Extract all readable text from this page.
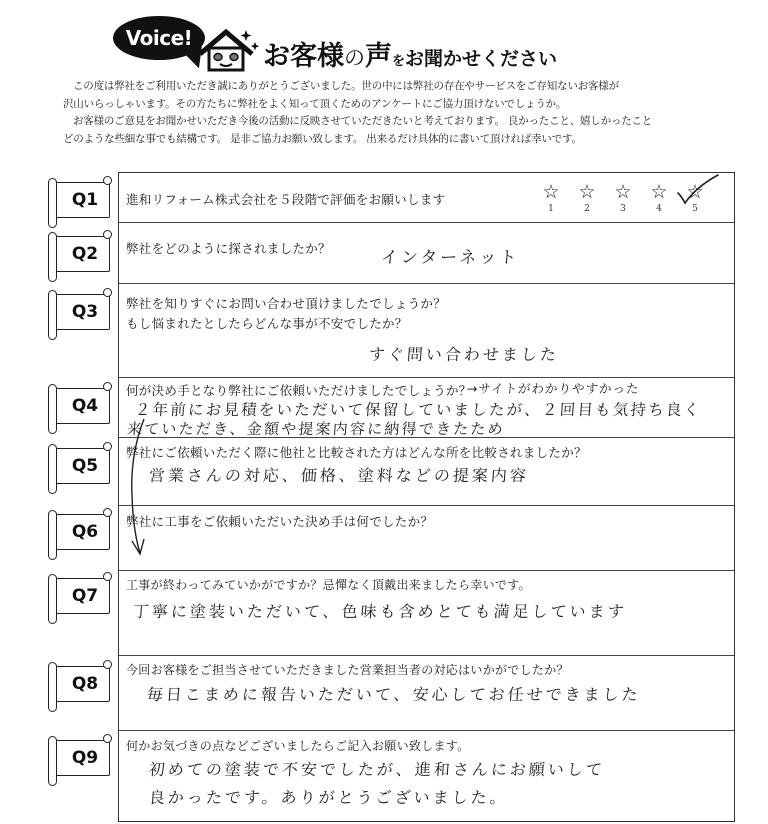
Voice!
お客様の声をお聞かせください

この度は弊社をご利用いただき誠にありがとうございました。世の中には弊社の存在やサービスをご存知ないお客様が

沢山いらっしゃいます。その方たちに弊社をよく知って頂くためのアンケートにご協力頂けないでしょうか。

お客様のご意見をお聞かせいただき今後の活動に反映させていただきたいと考えております。 良かったこと、嬉しかったこと

どのような些細な事でも結構です。 是非ご協力お願い致します。 出来るだけ具体的に書いて頂ければ幸いです。

Q1
Q2
Q3
Q4
Q5
Q6
Q7
Q8
Q9
進和リフォーム株式会社を５段階で評価をお願いします	☆
1
☆
2
☆
3
☆
4
☆
5
弊社をどのように探されましたか？	インターネット
弊社を知りすぐにお問い合わせ頂けましたでしょうか？
もし悩まれたとしたらどんな事が不安でしたか？
すぐ問い合わせました
何が決め手となり弊社にご依頼いただけましたでしょうか？
→サイトがわかりやすかった
２年前にお見積をいただいて保留していましたが、２回目も気持ち良く
来ていただき、金額や提案内容に納得できたため
弊社にご依頼いただく際に他社と比較された方はどんな所を比較されましたか？
営業さんの対応、価格、塗料などの提案内容
弊社に工事をご依頼いただいた決め手は何でしたか？
工事が終わってみていかがですか？忌憚なく頂戴出来ましたら幸いです。
丁寧に塗装いただいて、色味も含めとても満足しています
今回お客様をご担当させていただきました営業担当者の対応はいかがでしたか？
毎日こまめに報告いただいて、安心してお任せできました
何かお気づきの点などございましたらご記入お願い致します。
初めての塗装で不安でしたが、進和さんにお願いして
良かったです。ありがとうございました。
